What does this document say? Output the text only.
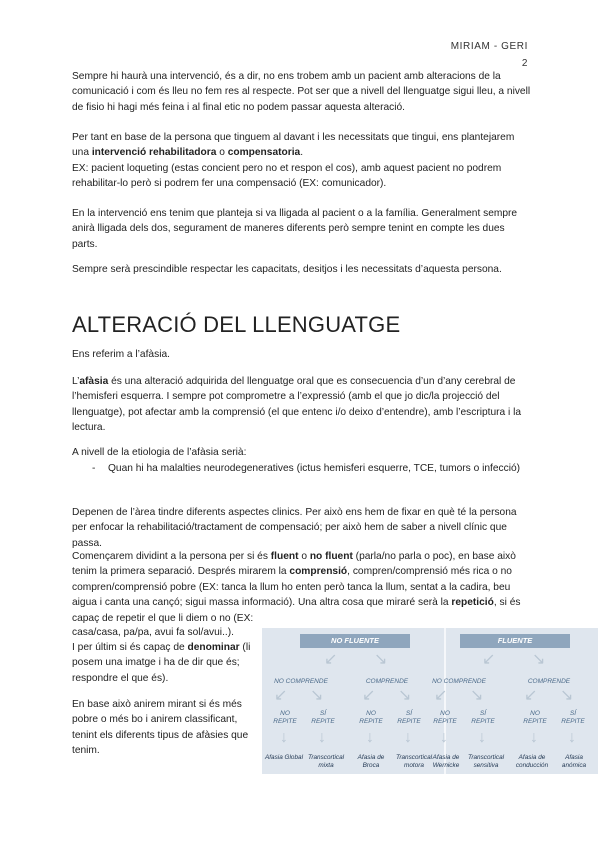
MIRIAM - GERI
2

Sempre hi haurà una intervenció, és a dir, no ens trobem amb un pacient amb alteracions de la comunicació i com és lleu no fem res al respecte. Pot ser que a nivell del llenguatge sigui lleu, a nivell de fisio hi hagi més feina i al final etic no podem passar aquesta alteració.

Per tant en base de la persona que tinguem al davant i les necessitats que tingui, ens plantejarem una intervenció rehabilitadora o compensatoria.
EX: pacient loqueting (estas concient pero no et respon el cos), amb aquest pacient no podrem rehabilitar-lo però si podrem fer una compensació (EX: comunicador).

En la intervenció ens tenim que planteja si va lligada al pacient o a la família. Generalment sempre anirà lligada dels dos, segurament de maneres diferents però sempre tenint en compte les dues parts.

Sempre serà prescindible respectar les capacitats, desitjos i les necessitats d’aquesta persona.

ALTERACIÓ DEL LLENGUATGE

Ens referim a l’afàsia.

L’afàsia és una alteració adquirida del llenguatge oral que es consecuencia d’un d’any cerebral de l’hemisferi esquerra. I sempre pot comprometre a l’expressió (amb el que jo dic/la projecció del llenguatge), pot afectar amb la comprensió (el que entenc i/o deixo d’entendre), amb l’escriptura i la lectura.

A nivell de la etiologia de l’afàsia serià:

- Quan hi ha malalties neurodegeneratives (ictus hemisferi esquerre, TCE, tumors o infecció)

Depenen de l’àrea tindre diferents aspectes clinics. Per això ens hem de fixar en què té la persona per enfocar la rehabilitació/tractament de compensació; per això hem de saber a nivell clínic que passa.

Començarem dividint a la persona per si és fluent o no fluent (parla/no parla o poc), en base això tenim la primera separació. Després mirarem la comprensió, compren/comprensió més rica o no compren/comprensió pobre (EX: tanca la llum ho enten però tanca la llum, sentat a la cadira, beu aigua i canta una cançó; sigui massa informació). Una altra cosa que miraré serà la repetició, si és capaç de repetir el que li diem o no (EX:

casa/casa, pa/pa, avui fa sol/avui..).

I per últim si és capaç de denominar (li posem una imatge i ha de dir que és; respondre el que és).

En base això anirem mirant si és més pobre o més bo i anirem classificant, tenint els diferents tipus de afàsies que tenim.

NO FLUENTE	FLUENTE
↙ ↘	↙ ↘
NO COMPRENDE	COMPRENDE	NO COMPRENDE	COMPRENDE
↙ ↘ ↙ ↘ ↙ ↘	↙ ↘
NO REPITE
SÍ REPITE
NO REPITE
SÍ REPITE
NO REPITE
SÍ REPITE
NO REPITE
SÍ REPITE
↓ ↓	↓ ↓ ↓ ↓	↓ ↓
Afasia Global Transcortical mixta
Afasia de Broca
Transcortical motora
Afasia de Wernicke
Transcortical sensitiva
Afasia de conducción
Afasia anómica
